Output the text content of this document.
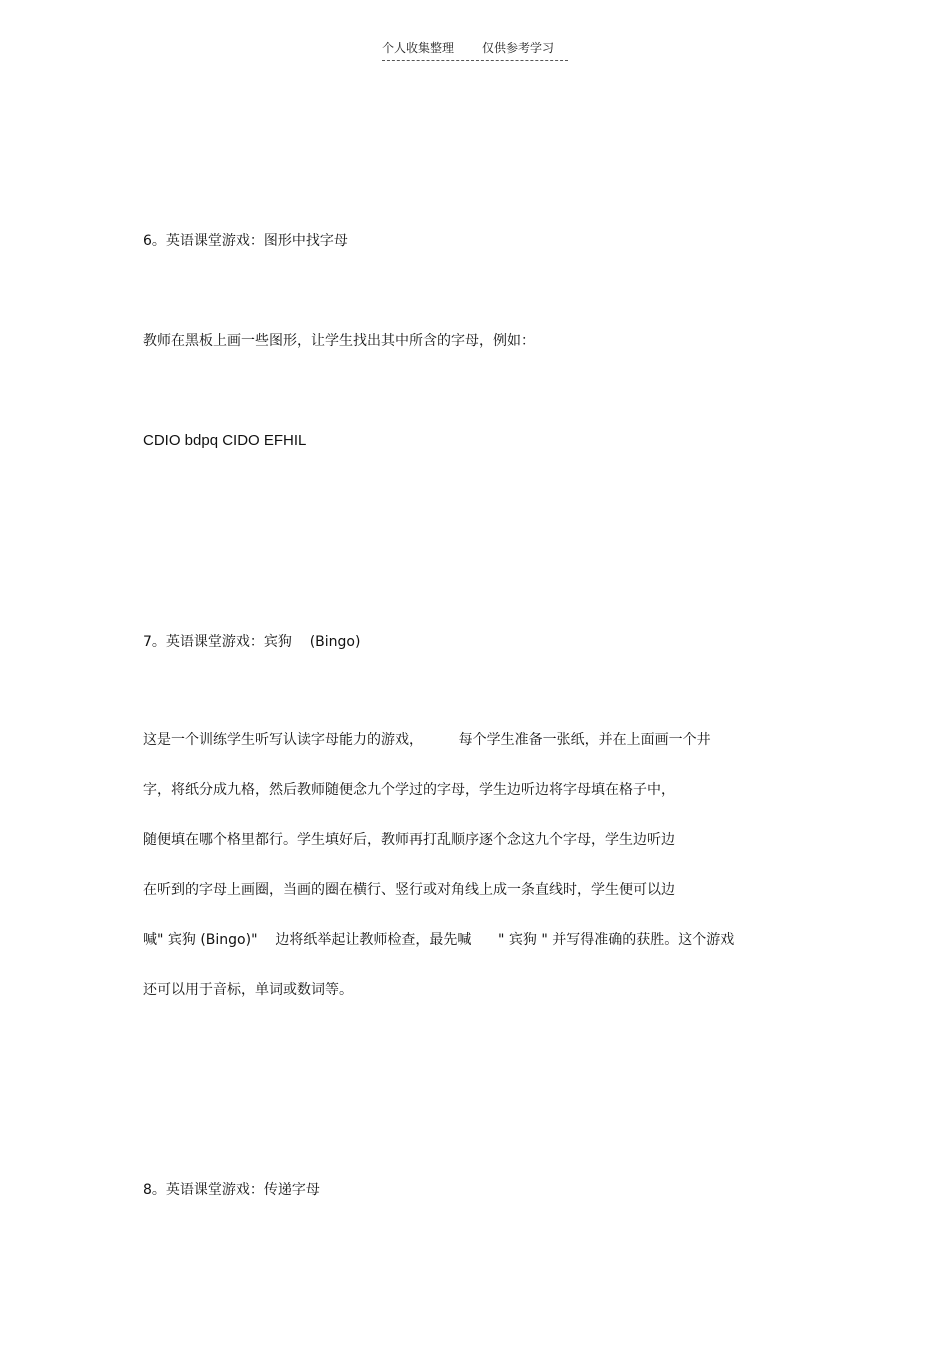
个人收集整理 仅供参考学习
6。英语课堂游戏：图形中找字母
教师在黑板上画一些图形，让学生找出其中所含的字母，例如：
CDIO bdpq CIDO EFHIL
7。英语课堂游戏：宾狗    (Bingo)
这是一个训练学生听写认读字母能力的游戏，        每个学生准备一张纸，并在上面画一个井
字，将纸分成九格，然后教师随便念九个学过的字母，学生边听边将字母填在格子中，
随便填在哪个格里都行。学生填好后，教师再打乱顺序逐个念这九个字母，学生边听边
在听到的字母上画圈，当画的圈在横行、竖行或对角线上成一条直线时，学生便可以边
喊" 宾狗 (Bingo)"    边将纸举起让教师检查，最先喊      " 宾狗 " 并写得准确的获胜。这个游戏
还可以用于音标，单词或数词等。
8。英语课堂游戏：传递字母
